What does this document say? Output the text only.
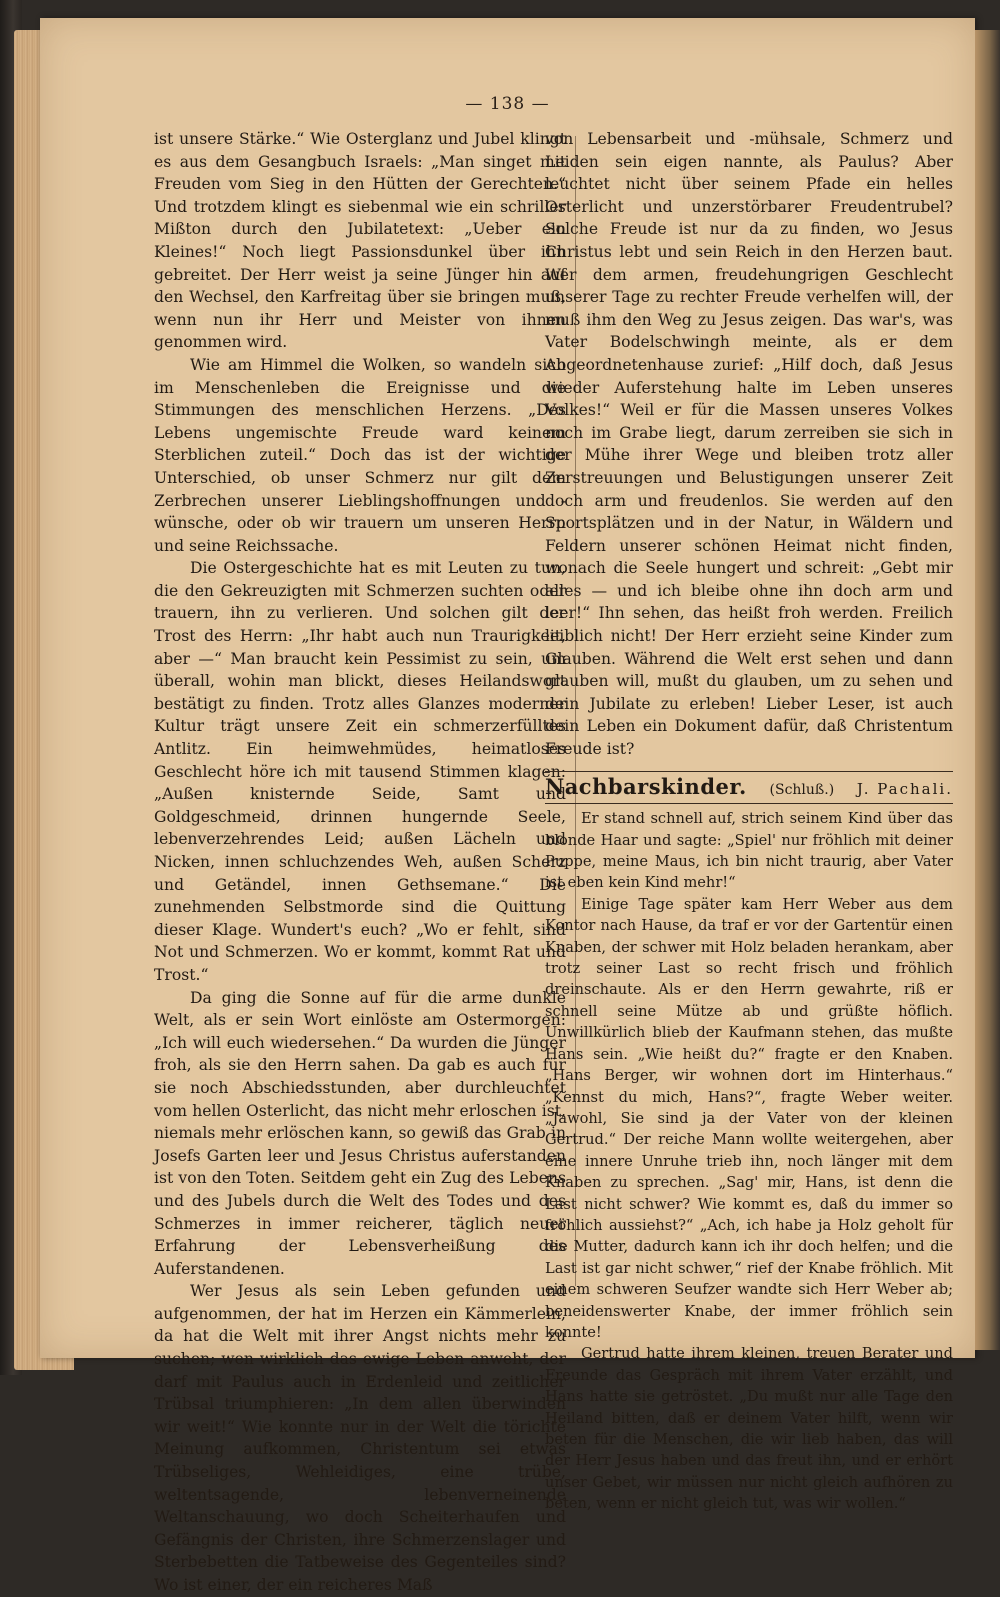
— 138 —

ist unsere Stärke.“ Wie Osterglanz und Jubel klingt es aus dem Gesangbuch Israels: „Man singet mit Freuden vom Sieg in den Hütten der Gerechten.“ Und trotzdem klingt es siebenmal wie ein schriller Mißton durch den Jubilatetext: „Ueber ein Kleines!“ Noch liegt Passionsdunkel über ihn gebreitet. Der Herr weist ja seine Jünger hin auf den Wechsel, den Karfreitag über sie bringen muß, wenn nun ihr Herr und Meister von ihnen genommen wird.

Wie am Himmel die Wolken, so wandeln sich im Menschenleben die Ereignisse und die Stimmungen des menschlichen Herzens. „Des Lebens ungemischte Freude ward keinem Sterblichen zuteil.“ Doch das ist der wichtige Unterschied, ob unser Schmerz nur gilt dem Zerbrechen unserer Lieblingshoffnungen und -wünsche, oder ob wir trauern um unseren Herrn und seine Reichssache.

Die Ostergeschichte hat es mit Leuten zu tun, die den Gekreuzigten mit Schmerzen suchten oder trauern, ihn zu verlieren. Und solchen gilt der Trost des Herrn: „Ihr habt auch nun Traurigkeit, aber —“ Man braucht kein Pessimist zu sein, um überall, wohin man blickt, dieses Heilandswort bestätigt zu finden. Trotz alles Glanzes moderner Kultur trägt unsere Zeit ein schmerzerfülltes Antlitz. Ein heimwehmüdes, heimatloses Geschlecht höre ich mit tausend Stimmen klagen: „Außen knisternde Seide, Samt und Goldgeschmeid, drinnen hungernde Seele, lebenverzehrendes Leid; außen Lächeln und Nicken, innen schluchzendes Weh, außen Scherz und Getändel, innen Gethsemane.“ Die zunehmenden Selbstmorde sind die Quittung dieser Klage. Wundert's euch? „Wo er fehlt, sind Not und Schmerzen. Wo er kommt, kommt Rat und Trost.“

Da ging die Sonne auf für die arme dunkle Welt, als er sein Wort einlöste am Ostermorgen: „Ich will euch wiedersehen.“ Da wurden die Jünger froh, als sie den Herrn sahen. Da gab es auch für sie noch Abschiedsstunden, aber durchleuchtet vom hellen Osterlicht, das nicht mehr erloschen ist, niemals mehr erlöschen kann, so gewiß das Grab in Josefs Garten leer und Jesus Christus auferstanden ist von den Toten. Seitdem geht ein Zug des Lebens und des Jubels durch die Welt des Todes und des Schmerzes in immer reicherer, täglich neuer Erfahrung der Lebensverheißung des Auferstandenen.

Wer Jesus als sein Leben gefunden und aufgenommen, der hat im Herzen ein Kämmerlein, da hat die Welt mit ihrer Angst nichts mehr zu suchen; wen wirklich das ewige Leben anweht, der darf mit Paulus auch in Erdenleid und zeitlicher Trübsal triumphieren: „In dem allen überwinden wir weit!“ Wie konnte nur in der Welt die törichte Meinung aufkommen, Christentum sei etwas Trübseliges, Wehleidiges, eine trübe, weltentsagende, lebenverneinende Weltanschauung, wo doch Scheiterhaufen und Gefängnis der Christen, ihre Schmerzenslager und Sterbebetten die Tatbeweise des Gegenteiles sind? Wo ist einer, der ein reicheres Maß

von Lebensarbeit und -mühsale, Schmerz und Leiden sein eigen nannte, als Paulus? Aber leuchtet nicht über seinem Pfade ein helles Osterlicht und unzerstörbarer Freudentrubel? Solche Freude ist nur da zu finden, wo Jesus Christus lebt und sein Reich in den Herzen baut. Wer dem armen, freudehungrigen Geschlecht unserer Tage zu rechter Freude verhelfen will, der muß ihm den Weg zu Jesus zeigen. Das war's, was Vater Bodelschwingh meinte, als er dem Abgeordnetenhause zurief: „Hilf doch, daß Jesus wieder Auferstehung halte im Leben unseres Volkes!“ Weil er für die Massen unseres Volkes noch im Grabe liegt, darum zerreiben sie sich in der Mühe ihrer Wege und bleiben trotz aller Zerstreuungen und Belustigungen unserer Zeit doch arm und freudenlos. Sie werden auf den Sportsplätzen und in der Natur, in Wäldern und Feldern unserer schönen Heimat nicht finden, wonach die Seele hungert und schreit: „Gebt mir alles — und ich bleibe ohne ihn doch arm und leer!“ Ihn sehen, das heißt froh werden. Freilich leiblich nicht! Der Herr erzieht seine Kinder zum Glauben. Während die Welt erst sehen und dann glauben will, mußt du glauben, um zu sehen und dein Jubilate zu erleben! Lieber Leser, ist auch dein Leben ein Dokument dafür, daß Christentum Freude ist?

Nachbarskinder. (Schluß.) J. Pachali.

Er stand schnell auf, strich seinem Kind über das blonde Haar und sagte: „Spiel' nur fröhlich mit deiner Puppe, meine Maus, ich bin nicht traurig, aber Vater ist eben kein Kind mehr!“

Einige Tage später kam Herr Weber aus dem Kontor nach Hause, da traf er vor der Gartentür einen Knaben, der schwer mit Holz beladen herankam, aber trotz seiner Last so recht frisch und fröhlich dreinschaute. Als er den Herrn gewahrte, riß er schnell seine Mütze ab und grüßte höflich. Unwillkürlich blieb der Kaufmann stehen, das mußte Hans sein. „Wie heißt du?“ fragte er den Knaben. „Hans Berger, wir wohnen dort im Hinterhaus.“ „Kennst du mich, Hans?“, fragte Weber weiter. „Jawohl, Sie sind ja der Vater von der kleinen Gertrud.“ Der reiche Mann wollte weitergehen, aber eine innere Unruhe trieb ihn, noch länger mit dem Knaben zu sprechen. „Sag' mir, Hans, ist denn die Last nicht schwer? Wie kommt es, daß du immer so fröhlich aussiehst?“ „Ach, ich habe ja Holz geholt für die Mutter, dadurch kann ich ihr doch helfen; und die Last ist gar nicht schwer,“ rief der Knabe fröhlich. Mit einem schweren Seufzer wandte sich Herr Weber ab; beneidenswerter Knabe, der immer fröhlich sein konnte!

Gertrud hatte ihrem kleinen, treuen Berater und Freunde das Gespräch mit ihrem Vater erzählt, und Hans hatte sie getröstet. „Du mußt nur alle Tage den Heiland bitten, daß er deinem Vater hilft, wenn wir beten für die Menschen, die wir lieb haben, das will der Herr Jesus haben und das freut ihn, und er erhört unser Gebet, wir müssen nur nicht gleich aufhören zu beten, wenn er nicht gleich tut, was wir wollen.“
